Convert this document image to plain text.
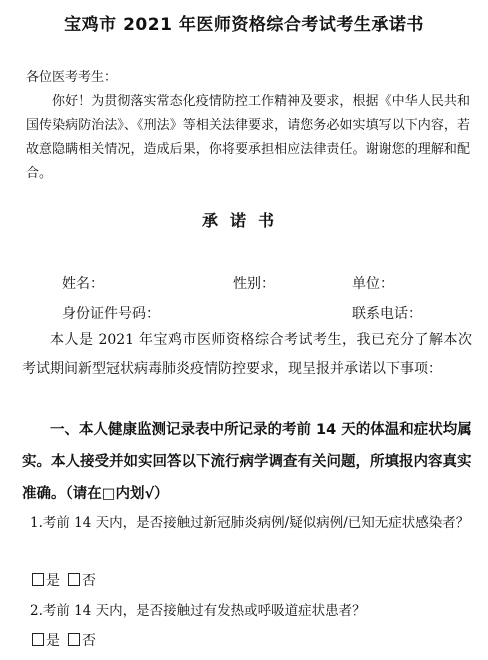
宝鸡市 2021 年医师资格综合考试考生承诺书
各位医考考生：
你好！为贯彻落实常态化疫情防控工作精神及要求，根据《中华人民共和国传染病防治法》、《刑法》等相关法律要求，请您务必如实填写以下内容，若故意隐瞒相关情况，造成后果，你将要承担相应法律责任。谢谢您的理解和配合。
承诺书
姓名：	性别：	单位：
身份证件号码：	联系电话：
本人是 2021 年宝鸡市医师资格综合考试考生，我已充分了解本次考试期间新型冠状病毒肺炎疫情防控要求，现呈报并承诺以下事项：
一、本人健康监测记录表中所记录的考前 14 天的体温和症状均属实。本人接受并如实回答以下流行病学调查有关问题，所填报内容真实准确。（请在□内划√）
1.考前 14 天内，是否接触过新冠肺炎病例/疑似病例/已知无症状感染者？
是 否
2.考前 14 天内，是否接触过有发热或呼吸道症状患者？
是 否
